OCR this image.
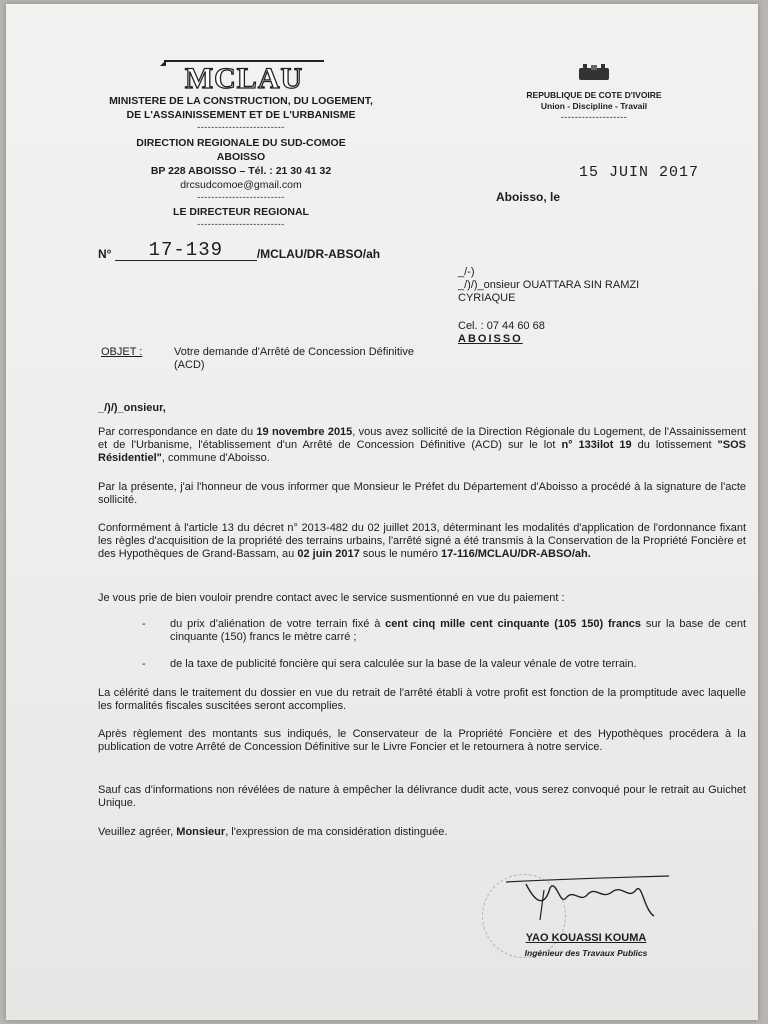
MCLAU
MINISTERE DE LA CONSTRUCTION, DU LOGEMENT,
DE L'ASSAINISSEMENT ET DE L'URBANISME
-------------------------
DIRECTION REGIONALE DU SUD-COMOE
ABOISSO
BP 228 ABOISSO – Tél. : 21 30 41 32
drcsudcomoe@gmail.com
-------------------------
LE DIRECTEUR REGIONAL
-------------------------
REPUBLIQUE DE COTE D'IVOIRE
Union - Discipline - Travail
-------------------
15 JUIN 2017
Aboisso, le
N° 17-139	/MCLAU/DR-ABSO/ah
_/-)
_/)/)_onsieur OUATTARA SIN RAMZI
CYRIAQUE
Cel. : 07 44 60 68
ABOISSO
OBJET :	Votre demande d'Arrêté de Concession Définitive (ACD)
_/)/)_onsieur,
Par correspondance en date du 19 novembre 2015, vous avez sollicité de la Direction Régionale du Logement, de l'Assainissement et de l'Urbanisme, l'établissement d'un Arrêté de Concession Définitive (ACD) sur le lot n° 133ilot 19 du lotissement "SOS Résidentiel", commune d'Aboisso.
Par la présente, j'ai l'honneur de vous informer que Monsieur le Préfet du Département d'Aboisso a procédé à la signature de l'acte sollicité.
Conformément à l'article 13 du décret n° 2013-482 du 02 juillet 2013, déterminant les modalités d'application de l'ordonnance fixant les règles d'acquisition de la propriété des terrains urbains, l'arrêté signé a été transmis à la Conservation de la Propriété Foncière et des Hypothèques de Grand-Bassam, au 02 juin 2017 sous le numéro 17-116/MCLAU/DR-ABSO/ah.
Je vous prie de bien vouloir prendre contact avec le service susmentionné en vue du paiement :
-	du prix d'aliénation de votre terrain fixé à cent cinq mille cent cinquante (105 150) francs sur la base de cent cinquante (150) francs le mètre carré ;
-	de la taxe de publicité foncière qui sera calculée sur la base de la valeur vénale de votre terrain.
La célérité dans le traitement du dossier en vue du retrait de l'arrêté établi à votre profit est fonction de la promptitude avec laquelle les formalités fiscales suscitées seront accomplies.
Après règlement des montants sus indiqués, le Conservateur de la Propriété Foncière et des Hypothèques procédera à la publication de votre Arrêté de Concession Définitive sur le Livre Foncier et le retournera à notre service.
Sauf cas d'informations non révélées de nature à empêcher la délivrance dudit acte, vous serez convoqué pour le retrait au Guichet Unique.
Veuillez agréer, Monsieur, l'expression de ma considération distinguée.
YAO KOUASSI KOUMA
Ingénieur des Travaux Publics
